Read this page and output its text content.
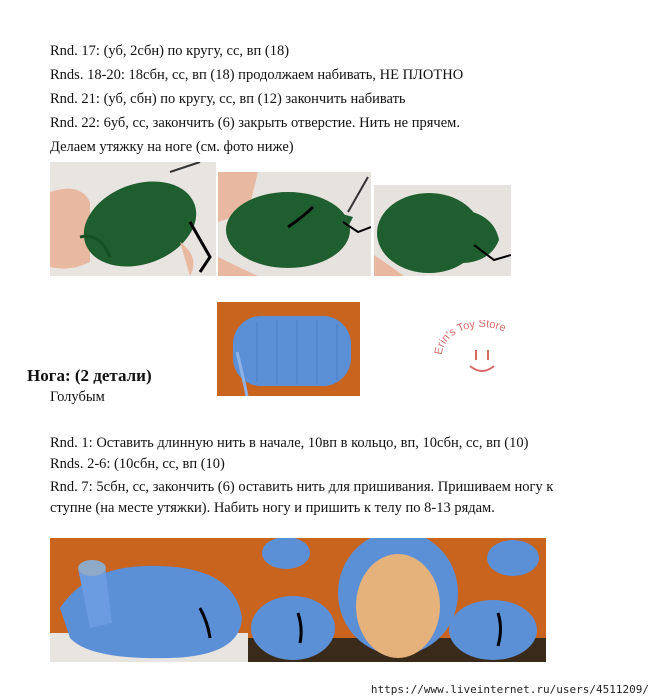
Rnd. 17: (уб, 2сбн) по кругу, сс, вп (18)
Rnds. 18-20: 18сбн, сс, вп (18) продолжаем набивать, НЕ ПЛОТНО
Rnd. 21: (уб, сбн) по кругу, сс, вп (12) закончить набивать
Rnd. 22: 6уб, сс, закончить (6) закрыть отверстие. Нить не прячем.
Делаем утяжку на ноге (см. фото ниже)
Erin's Toy Store
Нога: (2 детали)
Голубым
Rnd. 1: Оставить длинную нить в начале, 10вп в кольцо, вп, 10сбн, сс, вп (10)
Rnds. 2-6: (10сбн, сс, вп (10)
Rnd. 7: 5сбн, сс, закончить (6) оставить нить для пришивания. Пришиваем ногу к
ступне (на месте утяжки). Набить ногу и пришить к телу по 8-13 рядам.
https://www.liveinternet.ru/users/4511209/
